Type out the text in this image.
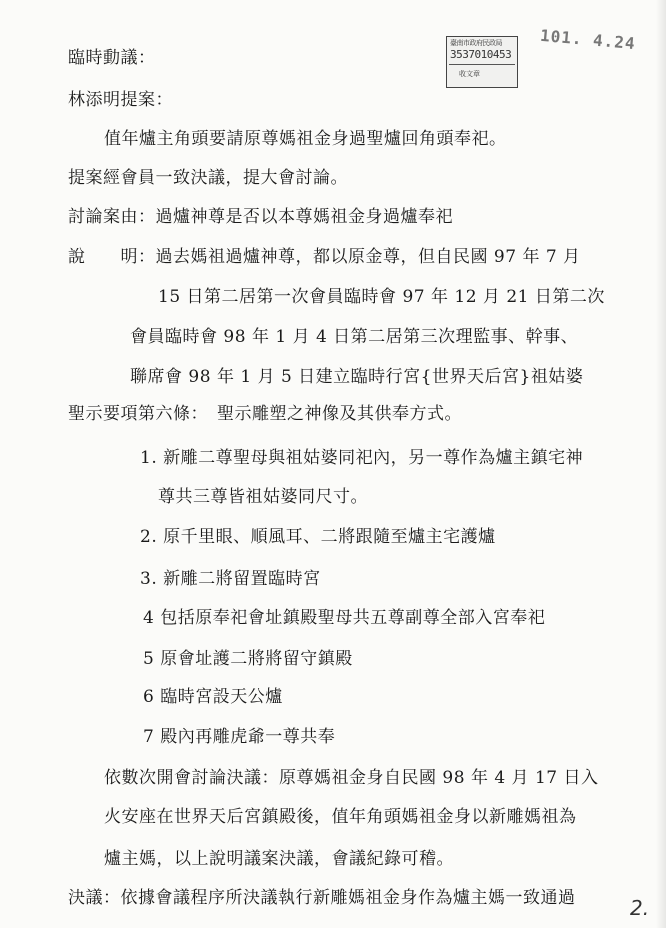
臺南市政府民政局
3537010453
收文章
101. 4.24
臨時動議：
林添明提案：
值年爐主角頭要請原尊媽祖金身過聖爐回角頭奉祀。
提案經會員一致決議，提大會討論。
討論案由：過爐神尊是否以本尊媽祖金身過爐奉祀
說　　明：過去媽祖過爐神尊，都以原金尊，但自民國 97 年 7 月
15 日第二居第一次會員臨時會 97 年 12 月 21 日第二次
會員臨時會 98 年 1 月 4 日第二居第三次理監事、幹事、
聯席會 98 年 1 月 5 日建立臨時行宮{世界天后宮}祖姑婆
聖示要項第六條：　聖示雕塑之神像及其供奉方式。
1. 新雕二尊聖母與祖姑婆同祀內，另一尊作為爐主鎮宅神
尊共三尊皆祖姑婆同尺寸。
2. 原千里眼、順風耳、二將跟隨至爐主宅護爐
3. 新雕二將留置臨時宮
4 包括原奉祀會址鎮殿聖母共五尊副尊全部入宮奉祀
5 原會址護二將將留守鎮殿
6 臨時宮設天公爐
7 殿內再雕虎爺一尊共奉
依數次開會討論決議：原尊媽祖金身自民國 98 年 4 月 17 日入
火安座在世界天后宮鎮殿後，值年角頭媽祖金身以新雕媽祖為
爐主媽，以上說明議案決議，會議紀錄可稽。
決議：依據會議程序所決議執行新雕媽祖金身作為爐主媽一致通過	2.
